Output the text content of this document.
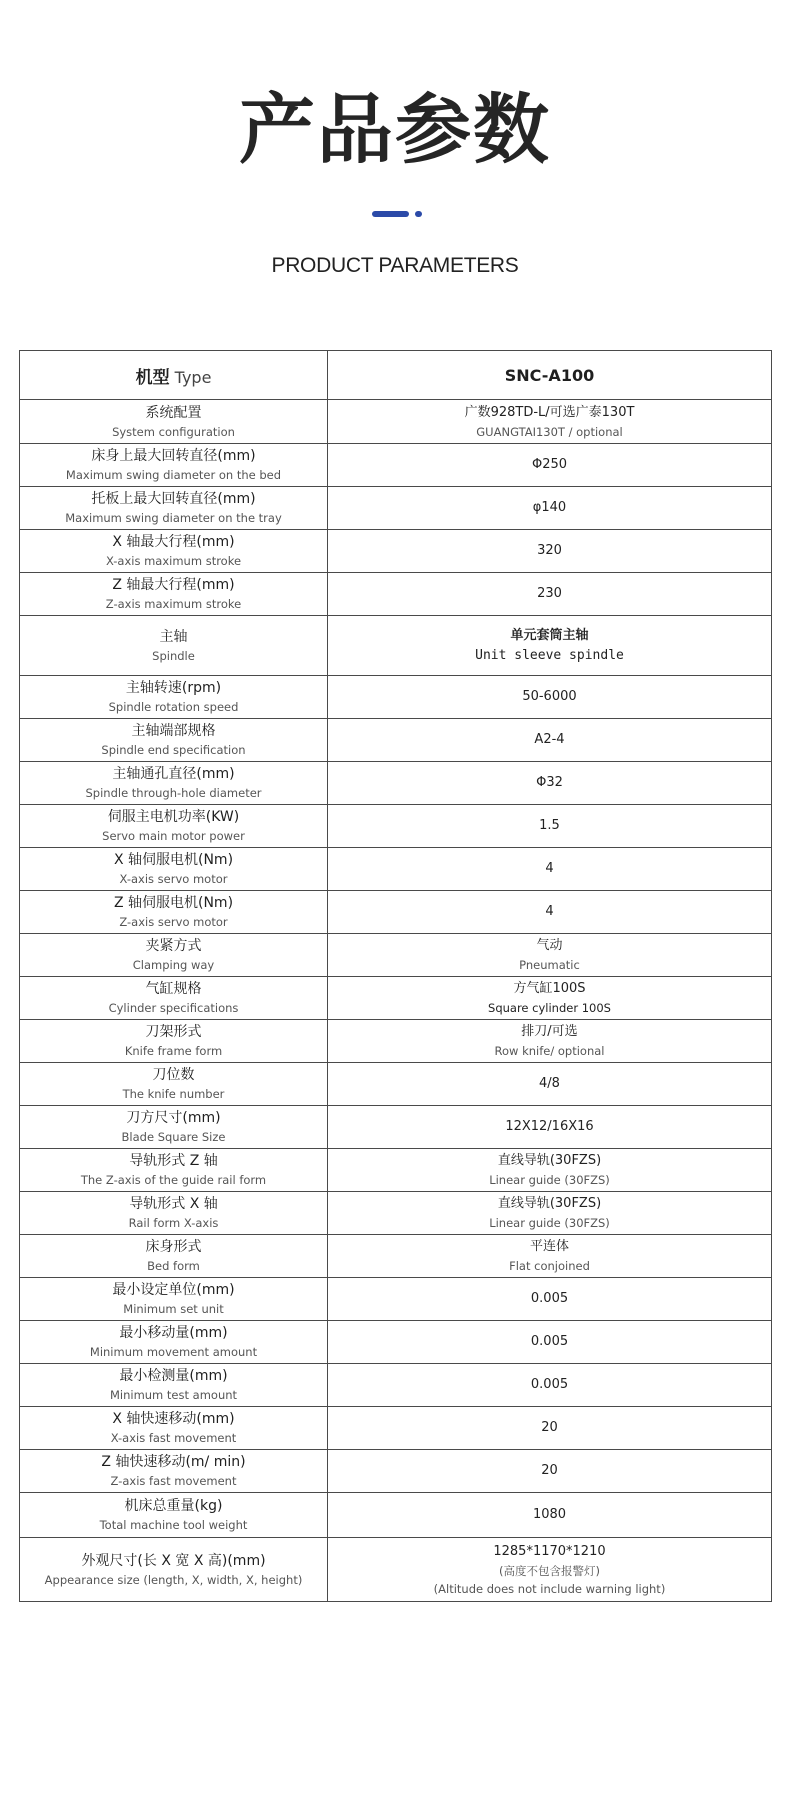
产品参数
PRODUCT PARAMETERS
机型 Type	SNC-A100

系统配置
System configuration	广数928TD-L/可选广泰130T
GUANGTAI130T / optional

床身上最大回转直径(mm)
Maximum swing diameter on the bed	Φ250

托板上最大回转直径(mm)
Maximum swing diameter on the tray	φ140

X 轴最大行程(mm)
X-axis maximum stroke	320

Z 轴最大行程(mm)
Z-axis maximum stroke	230

主轴
Spindle	单元套筒主轴
Unit sleeve spindle

主轴转速(rpm)
Spindle rotation speed	50-6000

主轴端部规格
Spindle end specification	A2-4

主轴通孔直径(mm)
Spindle through-hole diameter	Φ32

伺服主电机功率(KW)
Servo main motor power	1.5

X 轴伺服电机(Nm)
X-axis servo motor	4

Z 轴伺服电机(Nm)
Z-axis servo motor	4

夹紧方式
Clamping way	气动
Pneumatic

气缸规格
Cylinder specifications	方气缸100S
Square cylinder 100S

刀架形式
Knife frame form	排刀/可选
Row knife/ optional

刀位数
The knife number	4/8

刀方尺寸(mm)
Blade Square Size	12X12/16X16

导轨形式 Z 轴
The Z-axis of the guide rail form	直线导轨(30FZS)
Linear guide (30FZS)

导轨形式 X 轴
Rail form X-axis	直线导轨(30FZS)
Linear guide (30FZS)

床身形式
Bed form	平连体
Flat conjoined

最小设定单位(mm)
Minimum set unit	0.005

最小移动量(mm)
Minimum movement amount	0.005

最小检测量(mm)
Minimum test amount	0.005

X 轴快速移动(mm)
X-axis fast movement	20

Z 轴快速移动(m/ min)
Z-axis fast movement	20

机床总重量(kg)
Total machine tool weight	1080

外观尺寸(长 X 宽 X 高)(mm)
Appearance size (length, X, width, X, height)	1285*1170*1210
(高度不包含报警灯)
(Altitude does not include warning light)
